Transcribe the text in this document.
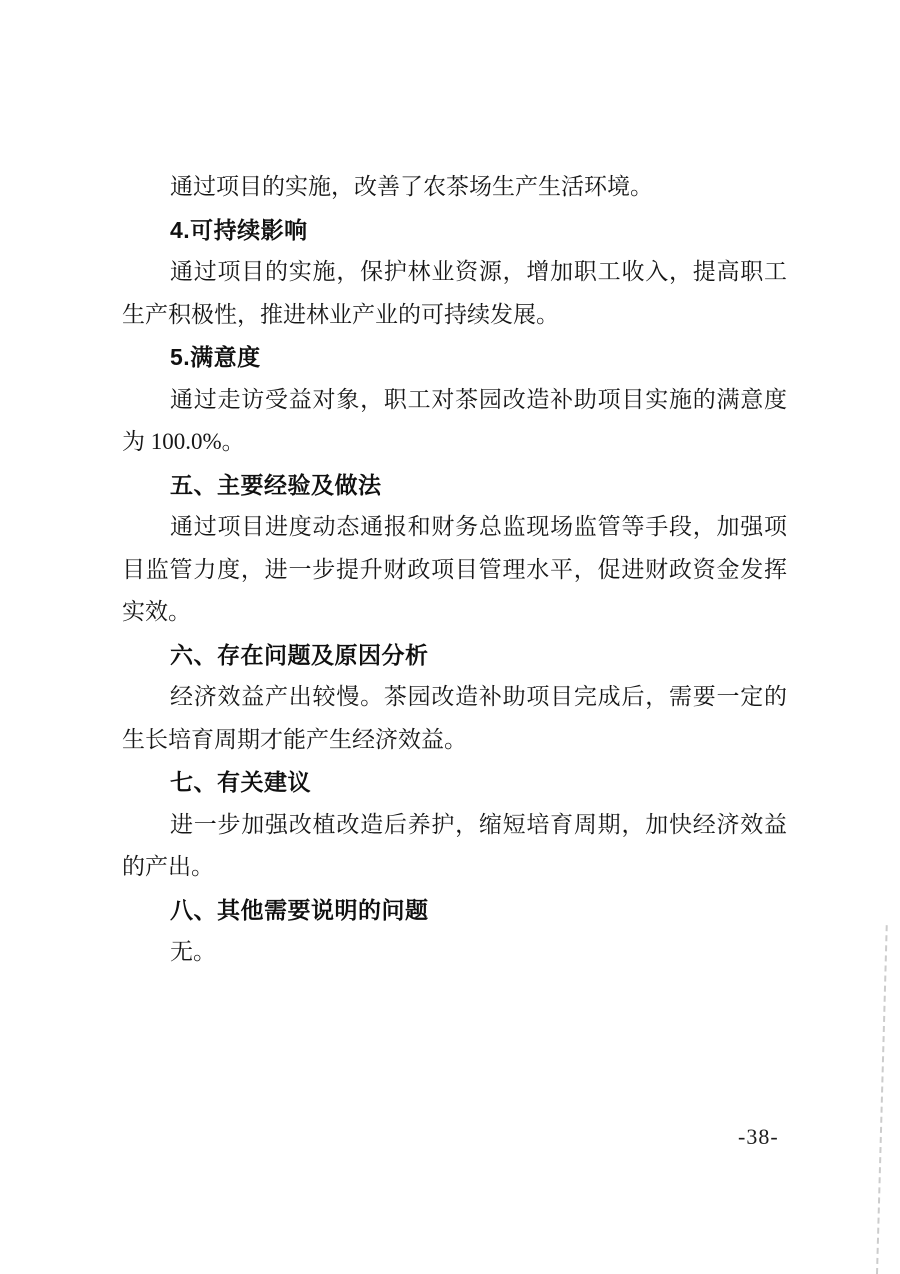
通过项目的实施，改善了农茶场生产生活环境。
4.可持续影响
通过项目的实施，保护林业资源，增加职工收入，提高职工
生产积极性，推进林业产业的可持续发展。
5.满意度
通过走访受益对象，职工对茶园改造补助项目实施的满意度
为 100.0%。
五、主要经验及做法
通过项目进度动态通报和财务总监现场监管等手段，加强项
目监管力度，进一步提升财政项目管理水平，促进财政资金发挥
实效。
六、存在问题及原因分析
经济效益产出较慢。茶园改造补助项目完成后，需要一定的
生长培育周期才能产生经济效益。
七、有关建议
进一步加强改植改造后养护，缩短培育周期，加快经济效益
的产出。
八、其他需要说明的问题
无。
-38-
